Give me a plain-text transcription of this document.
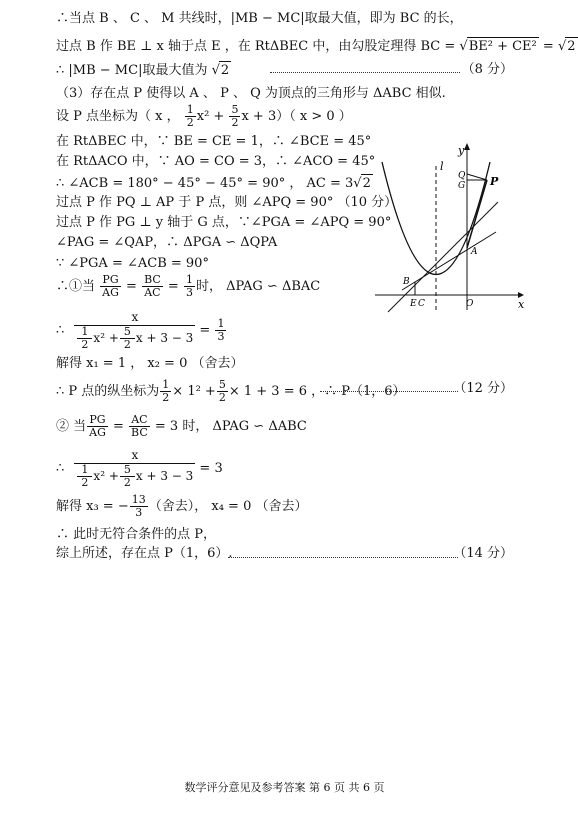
∴当点 B 、 C 、 M 共线时，|MB − MC|取最大值，即为 BC 的长，
过点 B 作 BE ⊥ x 轴于点 E ，在 RtΔBEC 中，由勾股定理得 BC = √BE² + CE² = √2
∴ |MB − MC|取最大值为 √2	（8 分）
（3）存在点 P 使得以 A 、 P 、 Q 为顶点的三角形与 ΔABC 相似.
设 P 点坐标为（ x ， $\frac{1}{2} x^2 + \frac{5}{2}$ x + 3）（ x > 0 ）
在 RtΔBEC 中，∵ BE = CE = 1，∴ ∠BCE = 45°
在 RtΔACO 中，∵ AO = CO = 3，∴ ∠ACO = 45°
∴ ∠ACB = 180° − 45° − 45° = 90° ， AC = 3√2
过点 P 作 PQ ⊥ AP 于 P 点，则 ∠APQ = 90° （10 分）
过点 P 作 PG ⊥ y 轴于 G 点，∵∠PGA = ∠APQ = 90°
∠PAG = ∠QAP，∴ ΔPGA ∽ ΔQPA
∵ ∠PGA = ∠ACB = 90°
∴①当 $\frac{PG}{AG} = \frac{BC}{AC} = \frac{1}{3}$ 时， ΔPAG ∽ ΔBAC
∴ $\frac{x}{\frac{1}{2} x^2 + \frac{5}{2} x + 3 - 3} = \frac{1}{3}$
解得 x₁ = 1 ， x₂ = 0 （舍去）
∴ P 点的纵坐标为 $\frac{1}{2} \times 1^2 + \frac{5}{2} \times 1 + 3 = 6$ ，∴ P（1，6）	（12 分）
② 当 $\frac{PG}{AG} = \frac{AC}{BC} = 3$ 时， ΔPAG ∽ ΔABC
∴ $\frac{x}{\frac{1}{2} x^2 + \frac{5}{2} x + 3 - 3} = 3$
解得 x₃ = − $\frac{13}{3}$ （舍去）， x₄ = 0 （舍去）
∴ 此时无符合条件的点 P，
综上所述，存在点 P（1，6）.	（14 分）
y
x
l
Q
G P
A
B
E C	O
数学评分意见及参考答案 第 6 页 共 6 页
